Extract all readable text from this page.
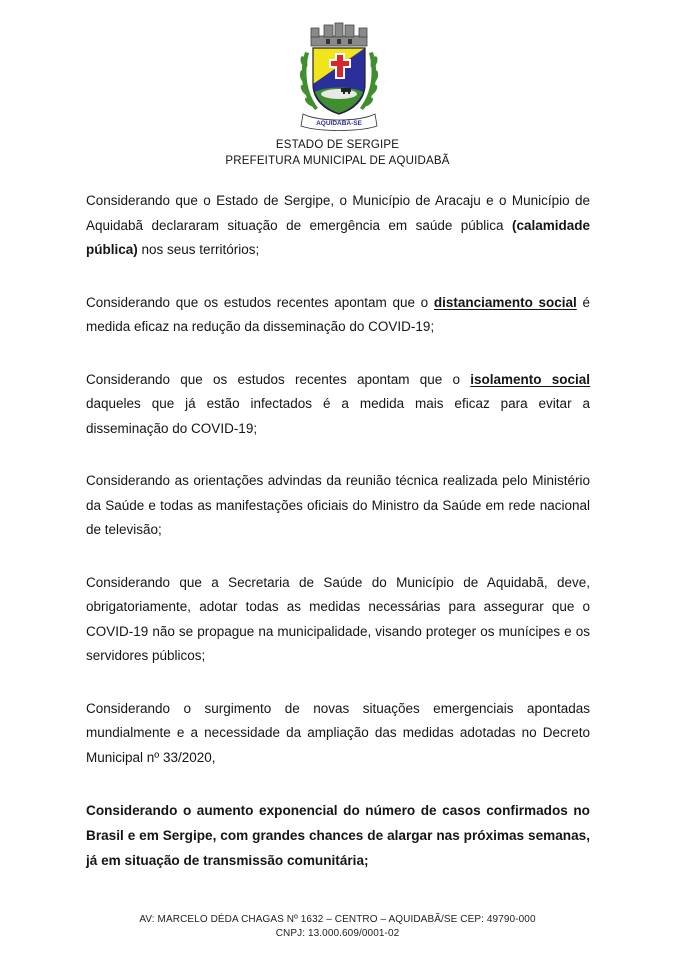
AQUIDABÃ-SE
ESTADO DE SERGIPE
PREFEITURA MUNICIPAL DE AQUIDABÃ

Considerando que o Estado de Sergipe, o Município de Aracaju e o Município de Aquidabã declararam situação de emergência em saúde pública (calamidade pública) nos seus territórios;

Considerando que os estudos recentes apontam que o distanciamento social é medida eficaz na redução da disseminação do COVID-19;

Considerando que os estudos recentes apontam que o isolamento social daqueles que já estão infectados é a medida mais eficaz para evitar a disseminação do COVID-19;

Considerando as orientações advindas da reunião técnica realizada pelo Ministério da Saúde e todas as manifestações oficiais do Ministro da Saúde em rede nacional de televisão;

Considerando que a Secretaria de Saúde do Município de Aquidabã, deve, obrigatoriamente, adotar todas as medidas necessárias para assegurar que o COVID-19 não se propague na municipalidade, visando proteger os munícipes e os servidores públicos;

Considerando o surgimento de novas situações emergenciais apontadas mundialmente e a necessidade da ampliação das medidas adotadas no Decreto Municipal nº 33/2020,

Considerando o aumento exponencial do número de casos confirmados no Brasil e em Sergipe, com grandes chances de alargar nas próximas semanas, já em situação de transmissão comunitária;

AV: MARCELO DÉDA CHAGAS Nº 1632 – CENTRO – AQUIDABÃ/SE CEP: 49790-000
CNPJ: 13.000.609/0001-02
